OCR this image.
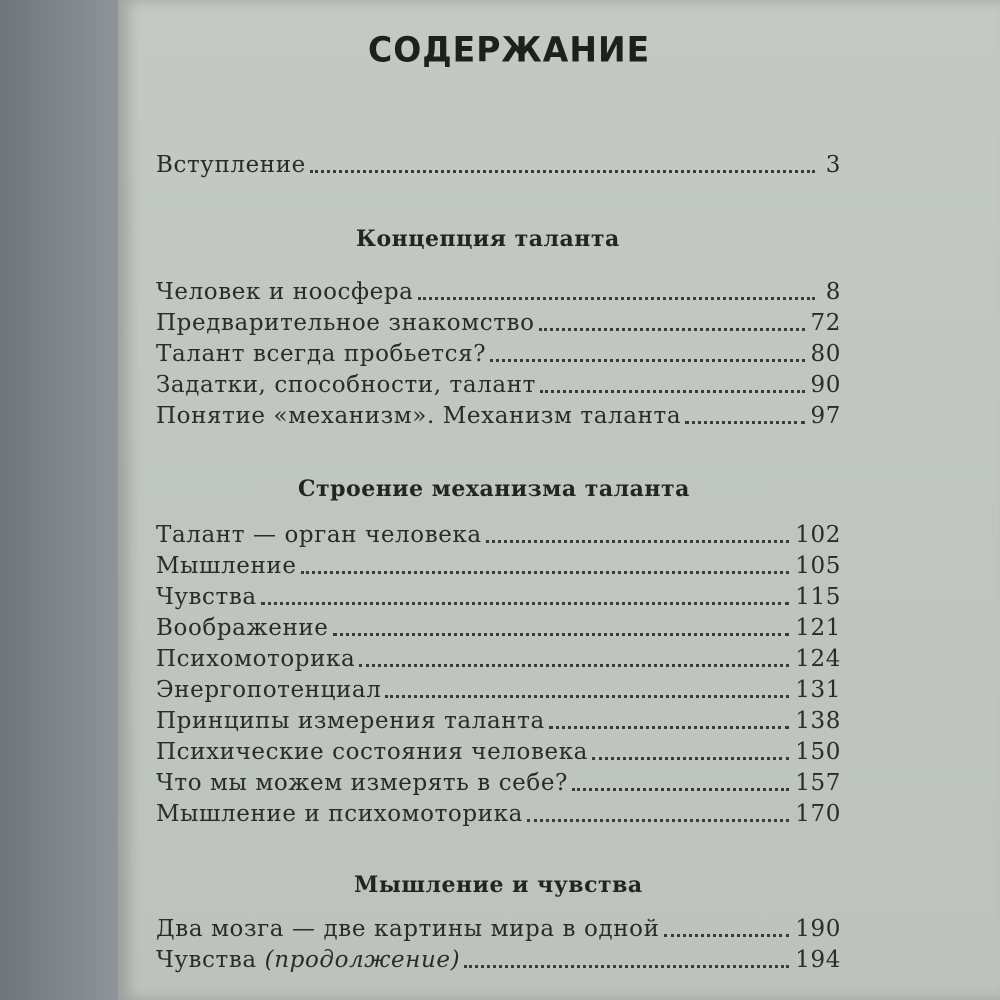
СОДЕРЖАНИЕ
Вступление	3
Концепция таланта
Человек и ноосфера	8
Предварительное знакомство	72
Талант всегда пробьется?	80
Задатки, способности, талант	90
Понятие «механизм». Механизм таланта	97
Строение механизма таланта
Талант — орган человека	102
Мышление	105
Чувства	115
Воображение	121
Психомоторика	124
Энергопотенциал	131
Принципы измерения таланта	138
Психические состояния человека	150
Что мы можем измерять в себе?	157
Мышление и психомоторика	170
Мышление и чувства
Два мозга — две картины мира в одной	190
Чувства (продолжение)	194
